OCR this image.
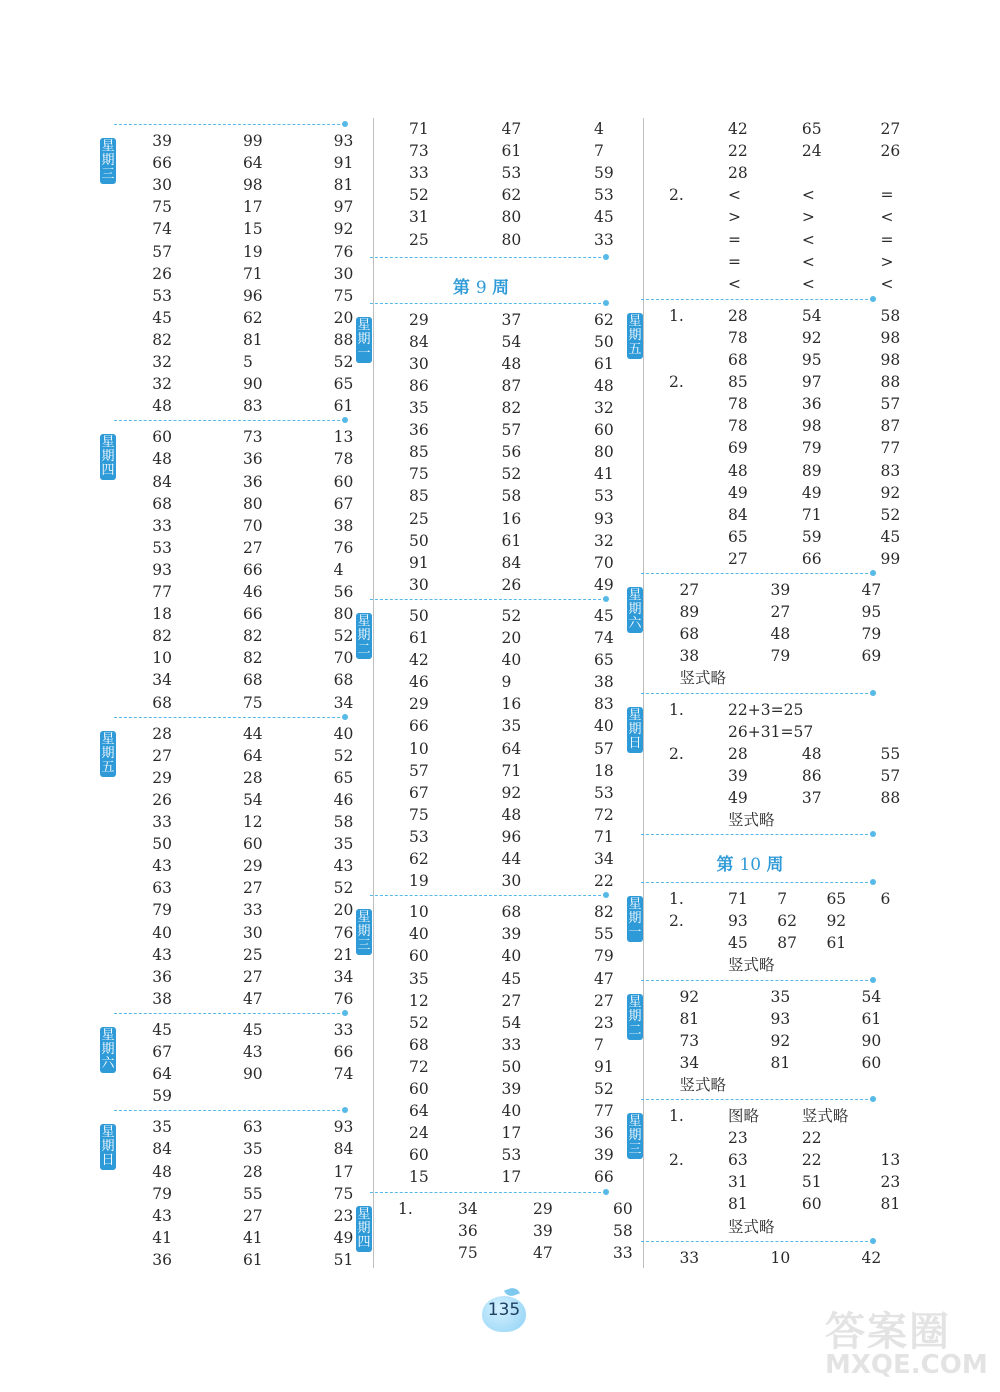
星
期
三
39	99	93
66	64	91
30	98	81
75	17	97
74	15	92
57	19	76
26	71	30
53	96	75
45	62	20
82	81	88
32	5	52
32	90	65
48	83	61
星
期
四
60	73	13
48	36	78
84	36	60
68	80	67
33	70	38
53	27	76
93	66	4
77	46	56
18	66	80
82	82	52
10	82	70
34	68	68
68	75	34
星
期
五
28	44	40
27	64	52
29	28	65
26	54	46
33	12	58
50	60	35
43	29	43
63	27	52
79	33	20
40	30	76
43	25	21
36	27	34
38	47	76
星
期
六
45	45	33
67	43	66
64	90	74
59
星
期
日
35	63	93
84	35	84
48	28	17
79	55	75
43	27	23
41	41	49
36	61	51
71	47	4
73	61	7
33	53	59
52	62	53
31	80	45
25	80	33
第 9 周
星
期
一
29	37	62
84	54	50
30	48	61
86	87	48
35	82	32
36	57	60
85	56	80
75	52	41
85	58	53
25	16	93
50	61	32
91	84	70
30	26	49
星
期
二
50	52	45
61	20	74
42	40	65
46	9	38
29	16	83
66	35	40
10	64	57
57	71	18
67	92	53
75	48	72
53	96	71
62	44	34
19	30	22
星
期
三
10	68	82
40	39	55
60	40	79
35	45	47
12	27	27
52	54	23
68	33	7
72	50	91
60	39	52
64	40	77
24	17	36
60	53	39
15	17	66
星
期
四
1.	34	29	60
36	39	58
75	47	33
42	65	27
22	24	26
28
2.	<	<	=
>	>	<
=	<	=
=	<	>
<	<	<
星
期
五
1.	28	54	58
78	92	98
68	95	98
2.	85	97	88
78	36	57
78	98	87
69	79	77
48	89	83
49	49	92
84	71	52
65	59	45
27	66	99
星
期
六
27	39	47
89	27	95
68	48	79
38	79	69
竖式略
星
期
日
1.	22+3=25
26+31=57
2.	28	48	55
39	86	57
49	37	88
竖式略
第 10 周
星
期
一
1.	71 7	65 6
2.	93 62 92
45 87 61
竖式略
星
期
二
92	35	54
81	93	61
73	92	90
34	81	60
竖式略
星
期
三
1.	图略	竖式略
23	22
2.	63	22	13
31	51	23
81	60	81
竖式略
33	10	42
135	答案圈
MXQE.COM
